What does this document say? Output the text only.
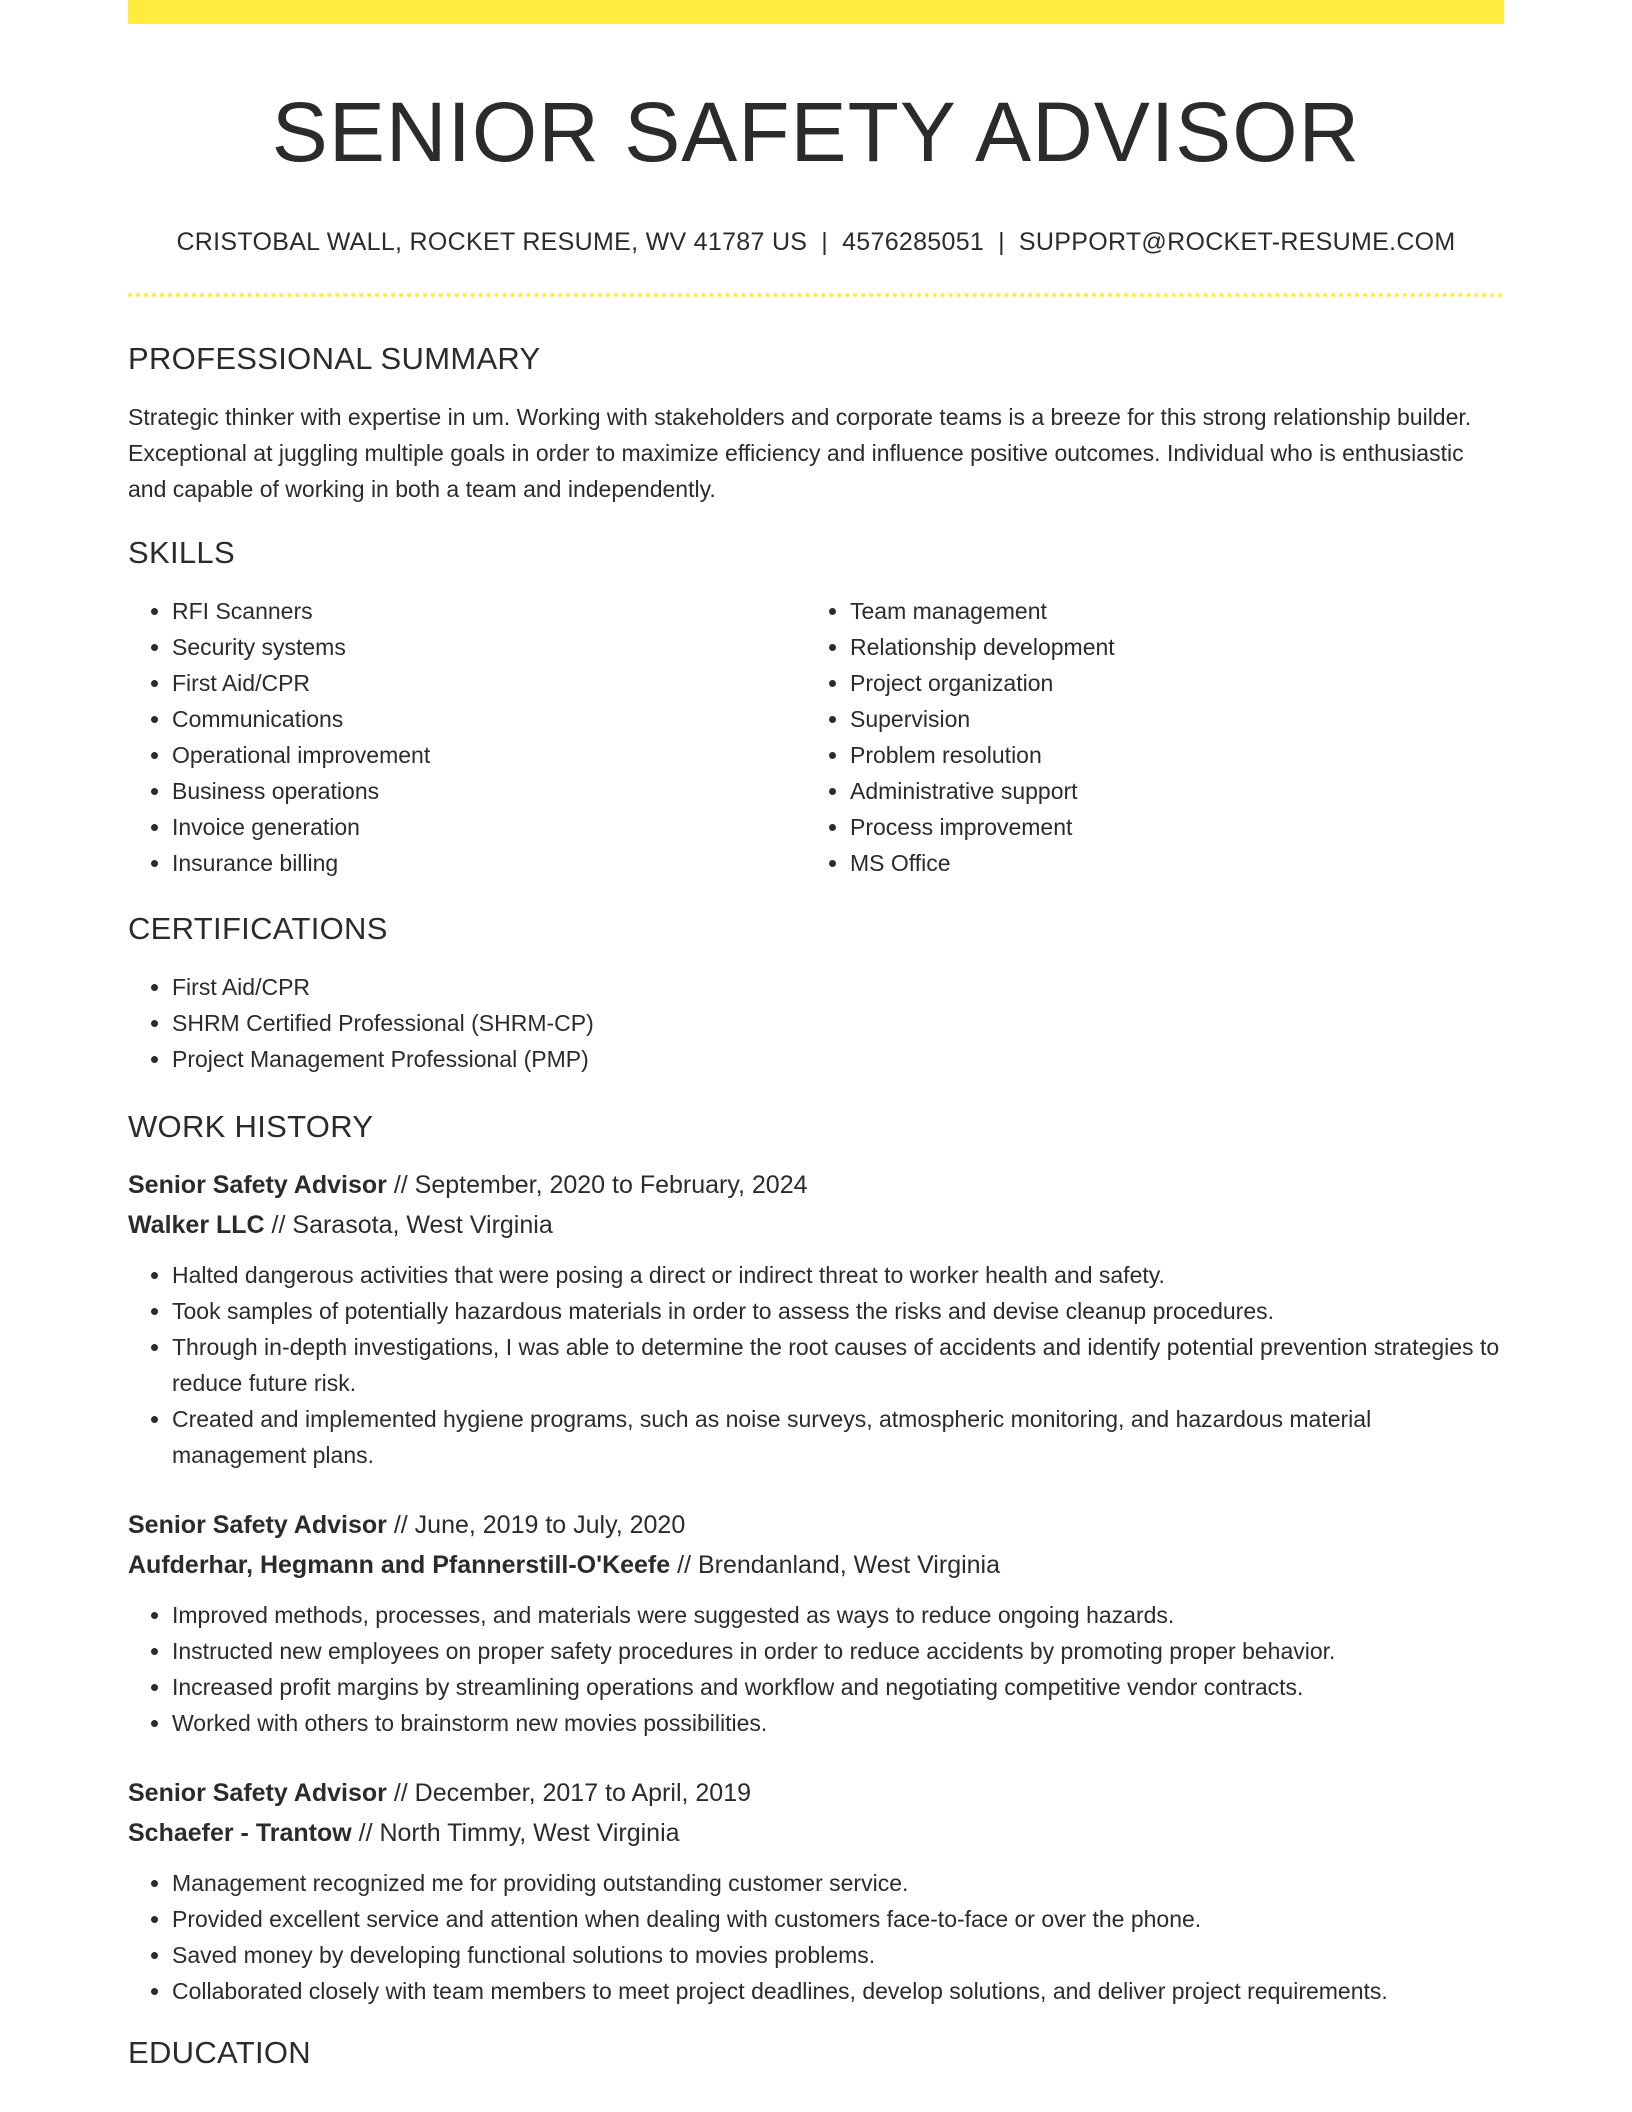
SENIOR SAFETY ADVISOR
CRISTOBAL WALL, ROCKET RESUME, WV 41787 US | 4576285051 | SUPPORT@ROCKET-RESUME.COM
PROFESSIONAL SUMMARY

Strategic thinker with expertise in um. Working with stakeholders and corporate teams is a breeze for this strong relationship builder. Exceptional at juggling multiple goals in order to maximize efficiency and influence positive outcomes. Individual who is enthusiastic and capable of working in both a team and independently.

SKILLS
• RFI Scanners
• Security systems
• First Aid/CPR
• Communications
• Operational improvement
• Business operations
• Invoice generation
• Insurance billing
• Team management
• Relationship development
• Project organization
• Supervision
• Problem resolution
• Administrative support
• Process improvement
• MS Office
CERTIFICATIONS
• First Aid/CPR
• SHRM Certified Professional (SHRM-CP)
• Project Management Professional (PMP)
WORK HISTORY
Senior Safety Advisor // September, 2020 to February, 2024
Walker LLC // Sarasota, West Virginia
• Halted dangerous activities that were posing a direct or indirect threat to worker health and safety.
• Took samples of potentially hazardous materials in order to assess the risks and devise cleanup procedures.
• Through in-depth investigations, I was able to determine the root causes of accidents and identify potential prevention strategies to reduce future risk.
• Created and implemented hygiene programs, such as noise surveys, atmospheric monitoring, and hazardous material management plans.
Senior Safety Advisor // June, 2019 to July, 2020
Aufderhar, Hegmann and Pfannerstill-O'Keefe // Brendanland, West Virginia
• Improved methods, processes, and materials were suggested as ways to reduce ongoing hazards.
• Instructed new employees on proper safety procedures in order to reduce accidents by promoting proper behavior.
• Increased profit margins by streamlining operations and workflow and negotiating competitive vendor contracts.
• Worked with others to brainstorm new movies possibilities.
Senior Safety Advisor // December, 2017 to April, 2019
Schaefer - Trantow // North Timmy, West Virginia
• Management recognized me for providing outstanding customer service.
• Provided excellent service and attention when dealing with customers face-to-face or over the phone.
• Saved money by developing functional solutions to movies problems.
• Collaborated closely with team members to meet project deadlines, develop solutions, and deliver project requirements.
EDUCATION
